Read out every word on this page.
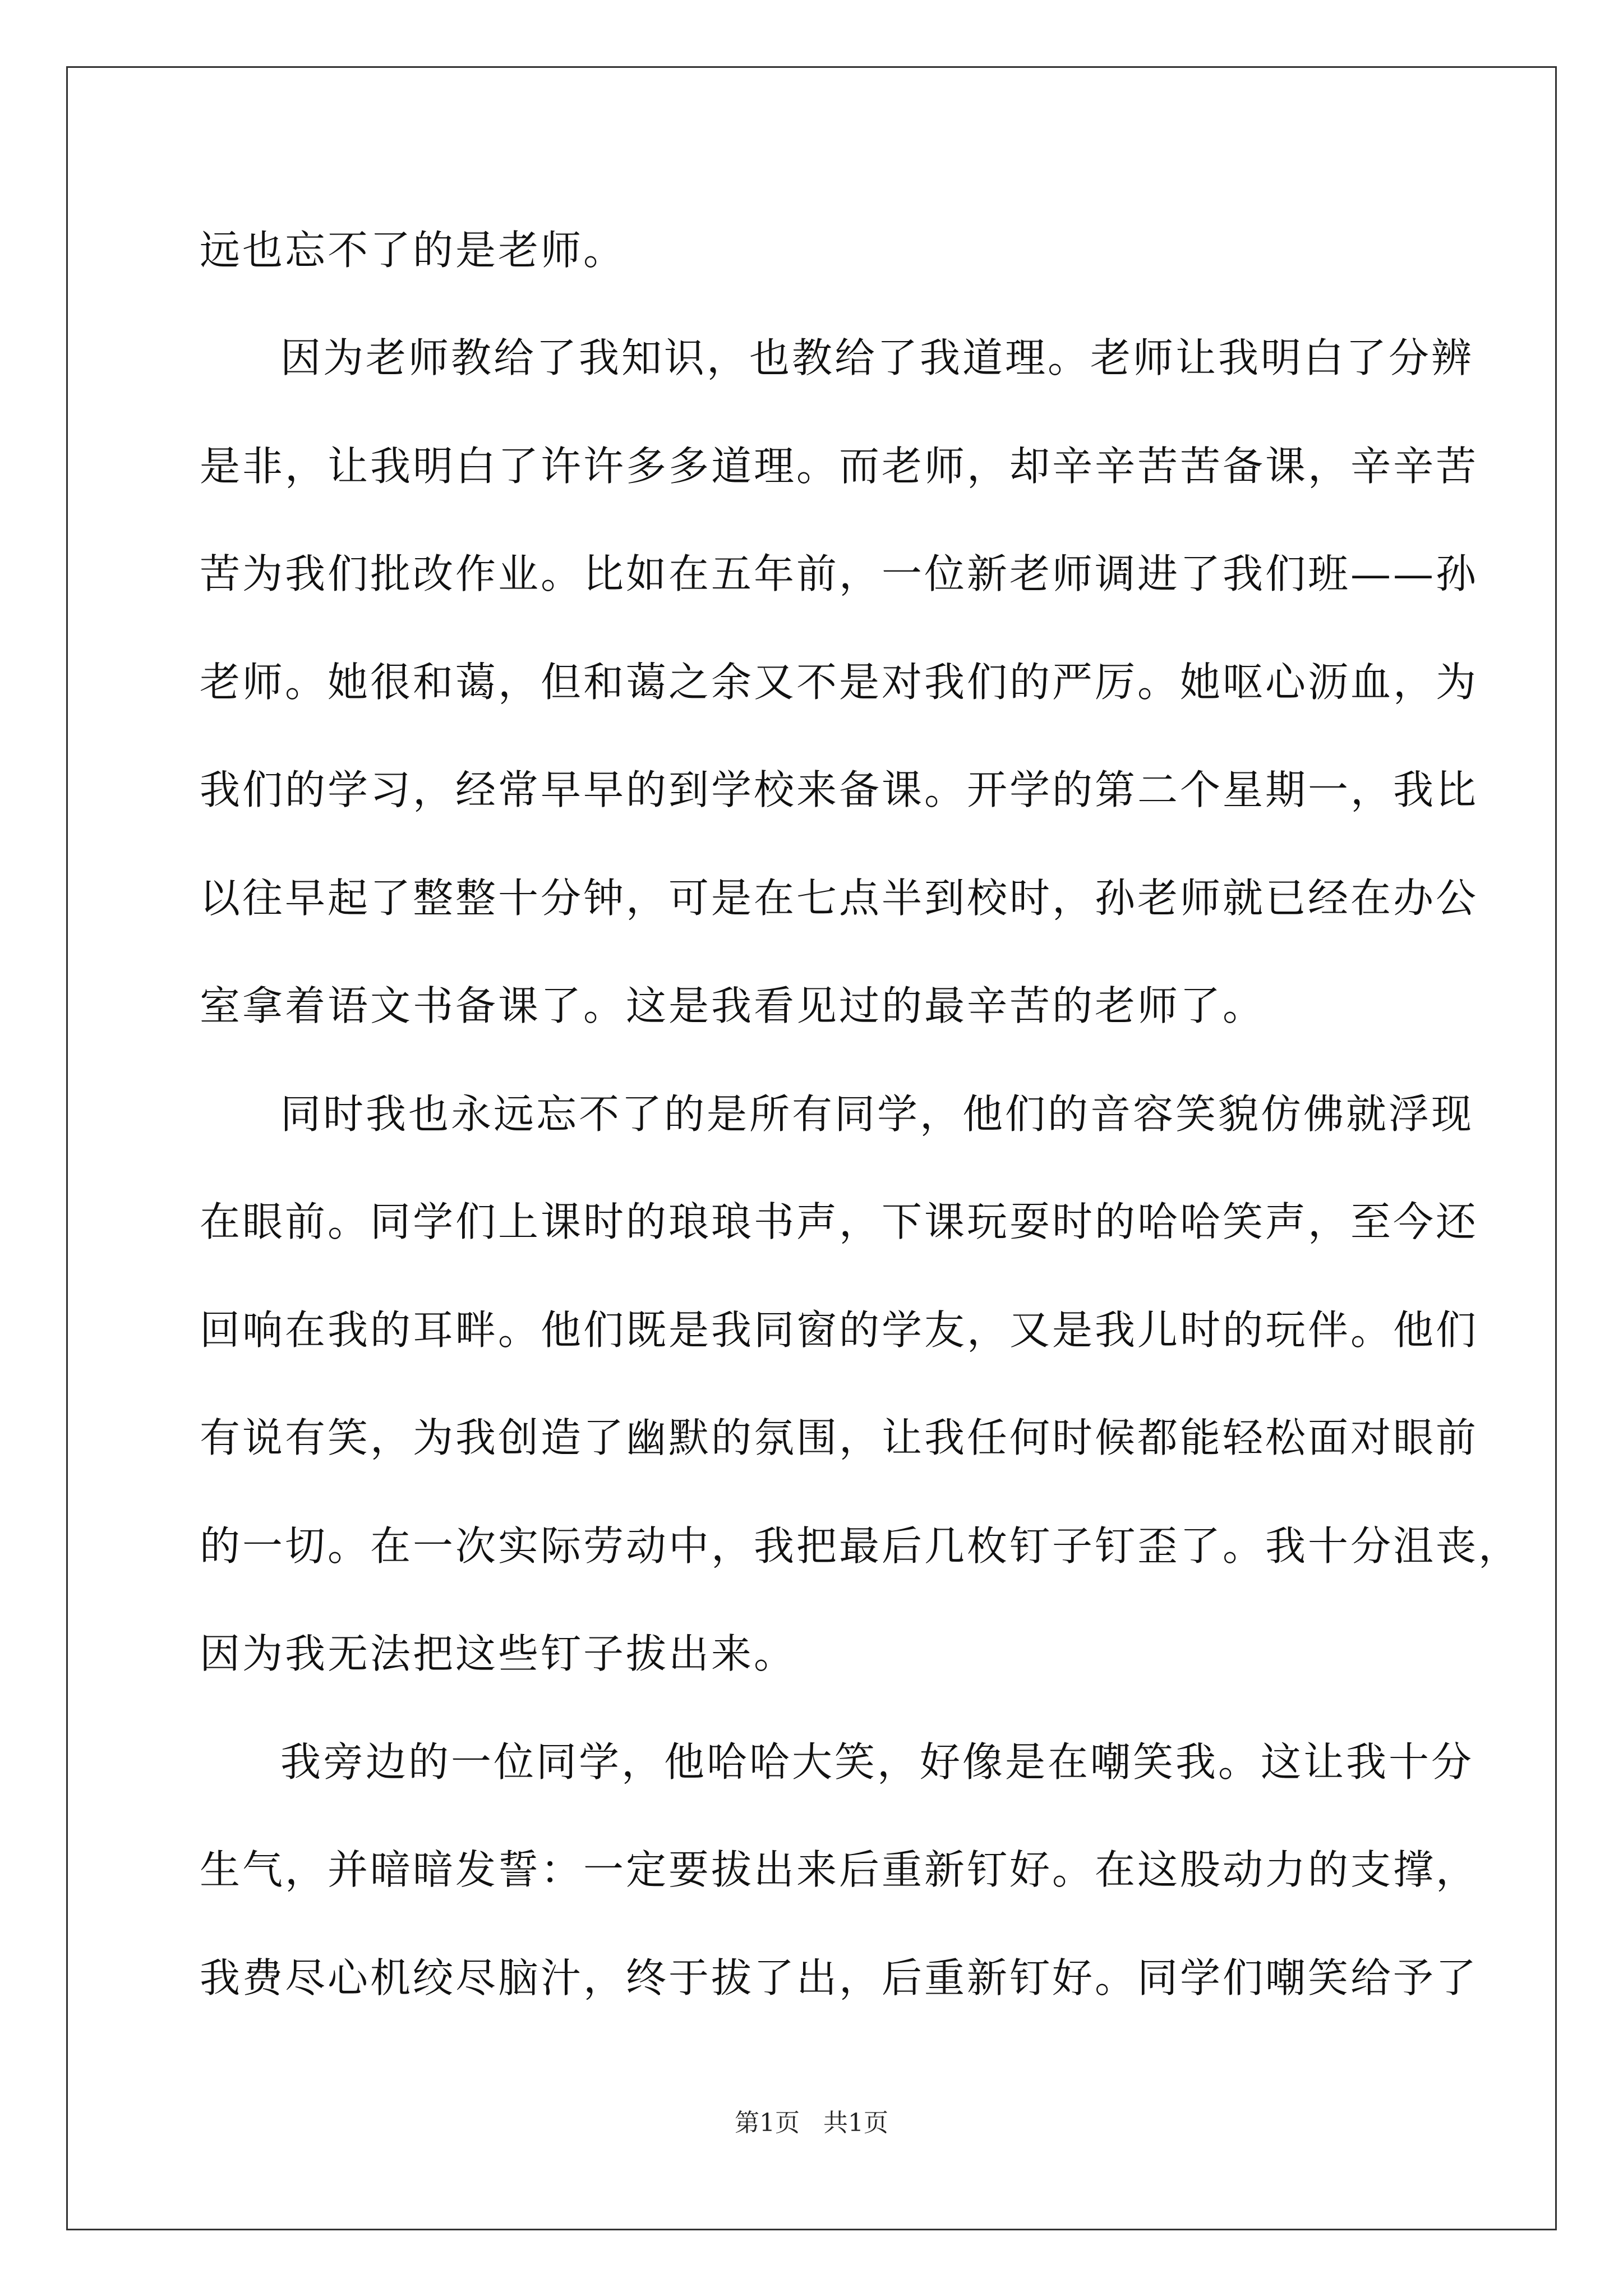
远也忘不了的是老师。
因为老师教给了我知识，也教给了我道理。老师让我明白了分辨
是非，让我明白了许许多多道理。而老师，却辛辛苦苦备课，辛辛苦
苦为我们批改作业。比如在五年前，一位新老师调进了我们班——孙
老师。她很和蔼，但和蔼之余又不是对我们的严厉。她呕心沥血，为
我们的学习，经常早早的到学校来备课。开学的第二个星期一，我比
以往早起了整整十分钟，可是在七点半到校时，孙老师就已经在办公
室拿着语文书备课了。这是我看见过的最辛苦的老师了。
同时我也永远忘不了的是所有同学，他们的音容笑貌仿佛就浮现
在眼前。同学们上课时的琅琅书声，下课玩耍时的哈哈笑声，至今还
回响在我的耳畔。他们既是我同窗的学友，又是我儿时的玩伴。他们
有说有笑，为我创造了幽默的氛围，让我任何时候都能轻松面对眼前
的一切。在一次实际劳动中，我把最后几枚钉子钉歪了。我十分沮丧，
因为我无法把这些钉子拔出来。
我旁边的一位同学，他哈哈大笑，好像是在嘲笑我。这让我十分
生气，并暗暗发誓：一定要拔出来后重新钉好。在这股动力的支撑，
我费尽心机绞尽脑汁，终于拔了出，后重新钉好。同学们嘲笑给予了
第1页   共1页
